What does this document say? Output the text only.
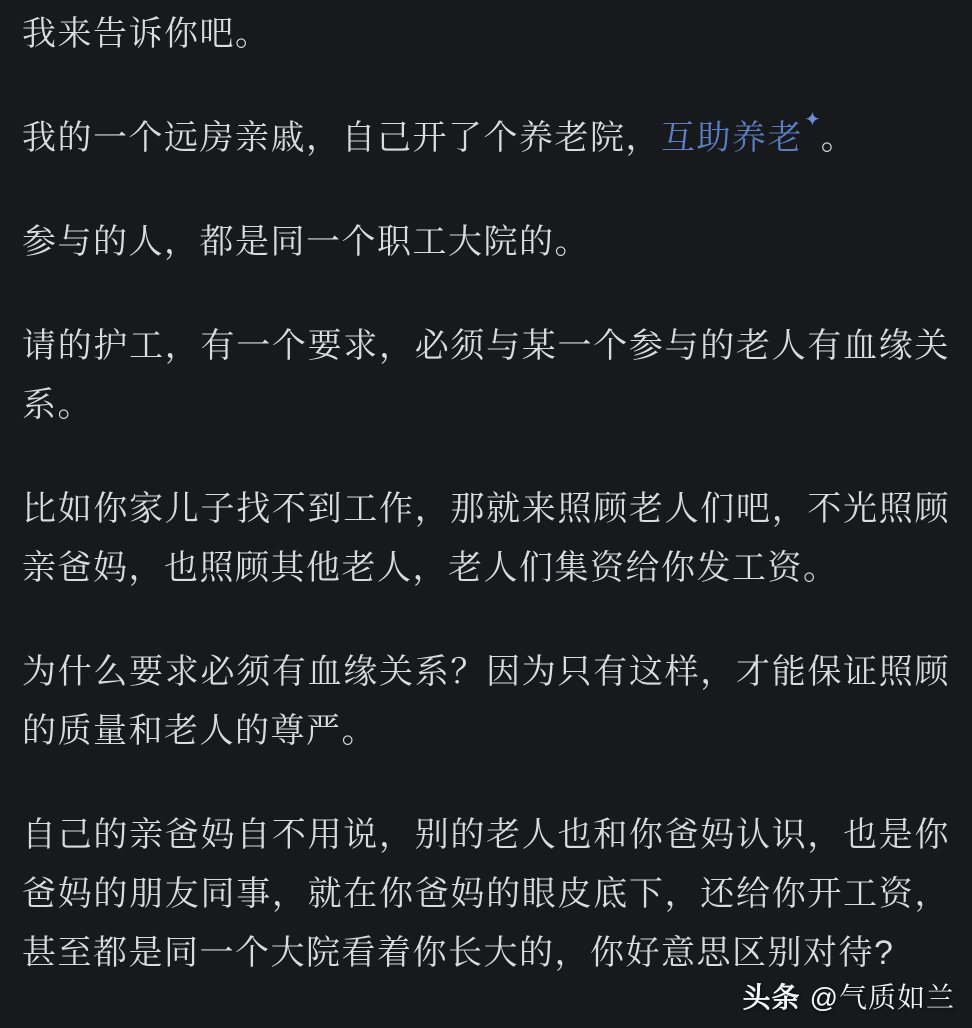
我来告诉你吧。

我的一个远房亲戚，自己开了个养老院，互助养老✦。

参与的人，都是同一个职工大院的。

请的护工，有一个要求，必须与某一个参与的老人有血缘关系。

比如你家儿子找不到工作，那就来照顾老人们吧，不光照顾亲爸妈，也照顾其他老人，老人们集资给你发工资。

为什么要求必须有血缘关系？因为只有这样，才能保证照顾的质量和老人的尊严。

自己的亲爸妈自不用说，别的老人也和你爸妈认识，也是你爸妈的朋友同事，就在你爸妈的眼皮底下，还给你开工资，甚至都是同一个大院看着你长大的，你好意思区别对待?

头条 @气质如兰
